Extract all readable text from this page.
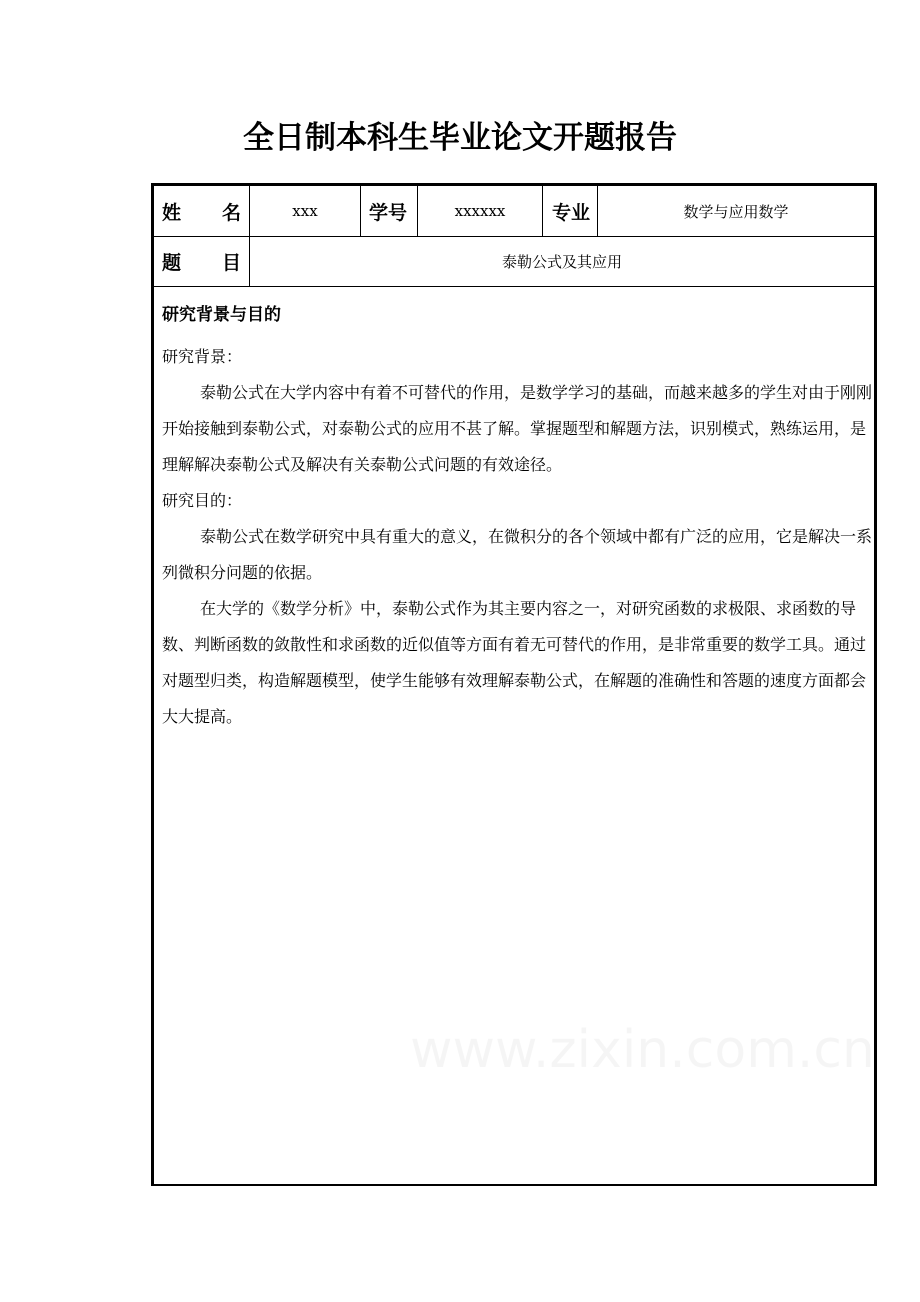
全日制本科生毕业论文开题报告
姓 名	xxx	学号	xxxxxx	专业	数学与应用数学
题 目	泰勒公式及其应用
研究背景与目的
研究背景：
泰勒公式在大学内容中有着不可替代的作用，是数学学习的基础，而越来越多的学生对由于刚刚开始接触到泰勒公式，对泰勒公式的应用不甚了解。掌握题型和解题方法，识别模式，熟练运用，是理解解决泰勒公式及解决有关泰勒公式问题的有效途径。
研究目的：
泰勒公式在数学研究中具有重大的意义，在微积分的各个领域中都有广泛的应用，它是解决一系列微积分问题的依据。
在大学的《数学分析》中，泰勒公式作为其主要内容之一，对研究函数的求极限、求函数的导数、判断函数的敛散性和求函数的近似值等方面有着无可替代的作用，是非常重要的数学工具。通过对题型归类，构造解题模型，使学生能够有效理解泰勒公式，在解题的准确性和答题的速度方面都会大大提高。
